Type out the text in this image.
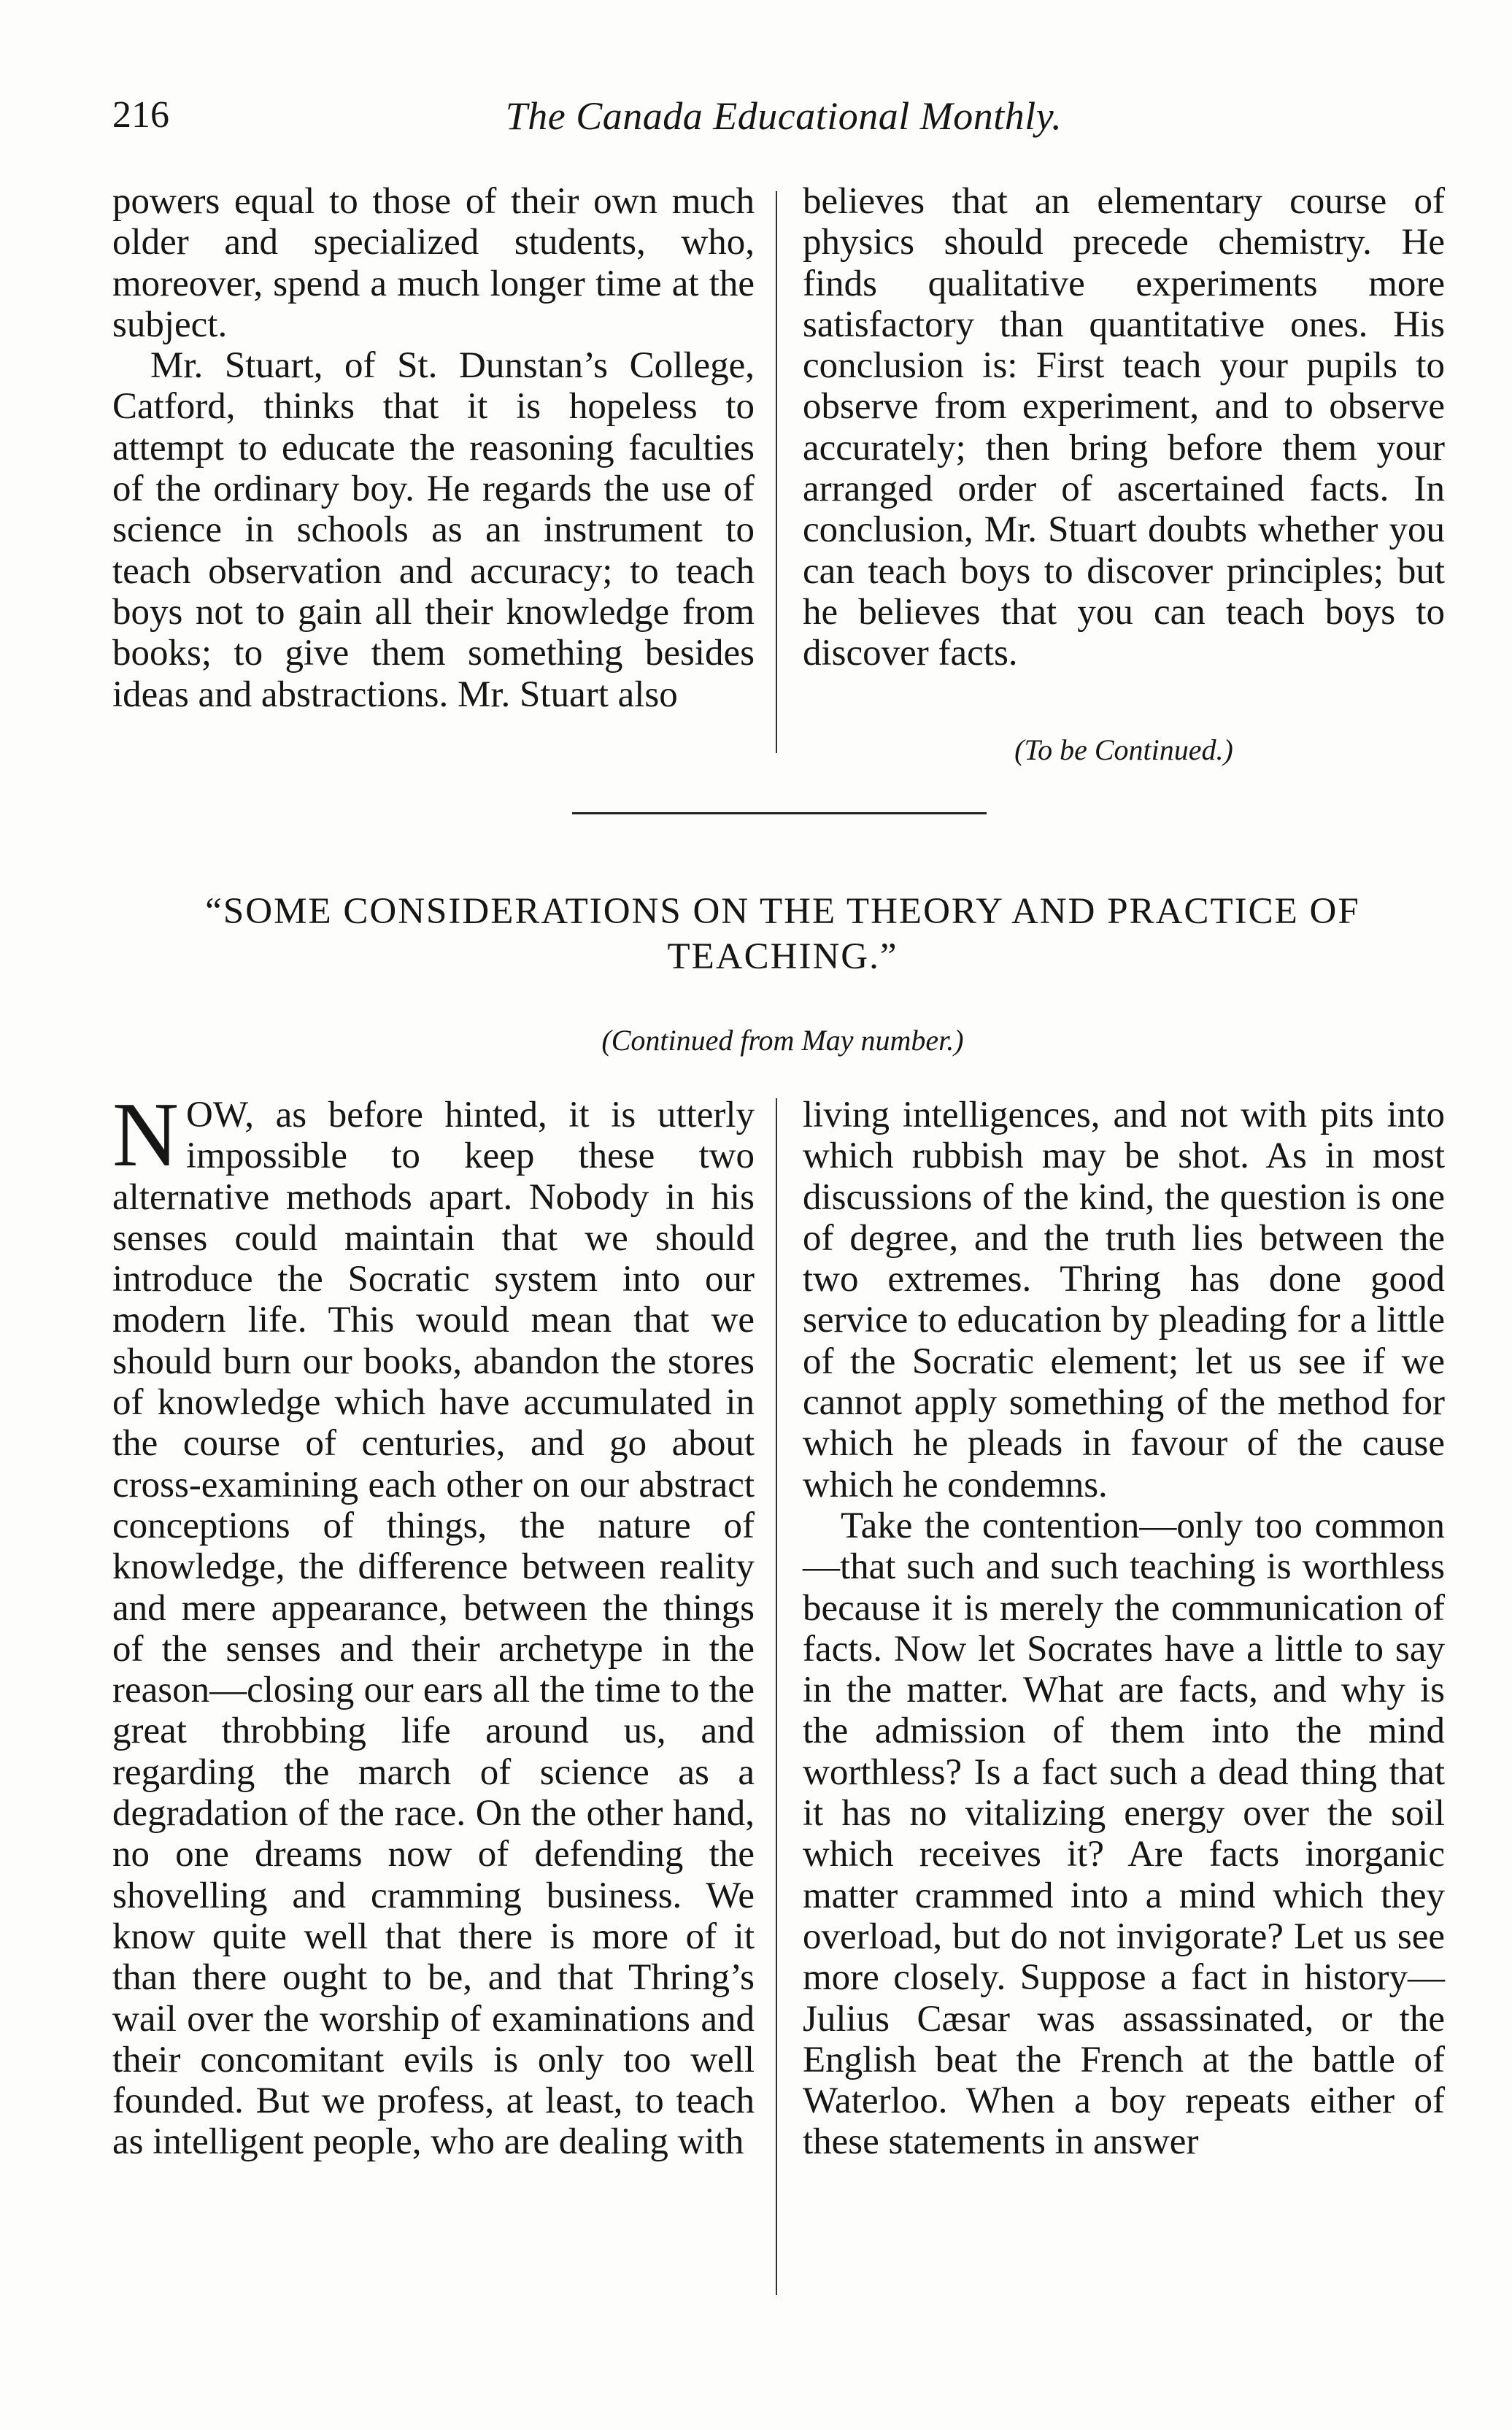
216	The Canada Educational Monthly.

powers equal to those of their own much older and specialized students, who, moreover, spend a much longer time at the subject.

Mr. Stuart, of St. Dunstan’s College, Catford, thinks that it is hopeless to attempt to educate the reasoning faculties of the ordinary boy. He regards the use of science in schools as an instrument to teach observation and accuracy; to teach boys not to gain all their knowledge from books; to give them something besides ideas and abstractions. Mr. Stuart also

believes that an elementary course of physics should precede chemistry. He finds qualitative experiments more satisfactory than quantitative ones. His conclusion is: First teach your pupils to observe from experiment, and to observe accurately; then bring before them your arranged order of ascertained facts. In conclusion, Mr. Stuart doubts whether you can teach boys to discover principles; but he believes that you can teach boys to discover facts.

(To be Continued.)
“SOME CONSIDERATIONS ON THE THEORY AND PRACTICE OF TEACHING.”
(Continued from May number.)

NOW, as before hinted, it is utterly impossible to keep these two alternative methods apart. Nobody in his senses could maintain that we should introduce the Socratic system into our modern life. This would mean that we should burn our books, abandon the stores of knowledge which have accumulated in the course of centuries, and go about cross-examining each other on our abstract conceptions of things, the nature of knowledge, the difference between reality and mere appearance, between the things of the senses and their archetype in the reason—closing our ears all the time to the great throbbing life around us, and regarding the march of science as a degradation of the race. On the other hand, no one dreams now of defending the shovelling and cramming business. We know quite well that there is more of it than there ought to be, and that Thring’s wail over the worship of examinations and their concomitant evils is only too well founded. But we profess, at least, to teach as intelligent people, who are dealing with

living intelligences, and not with pits into which rubbish may be shot. As in most discussions of the kind, the question is one of degree, and the truth lies between the two extremes. Thring has done good service to education by pleading for a little of the Socratic element; let us see if we cannot apply something of the method for which he pleads in favour of the cause which he condemns.

Take the contention—only too common—that such and such teaching is worthless because it is merely the communication of facts. Now let Socrates have a little to say in the matter. What are facts, and why is the admission of them into the mind worthless? Is a fact such a dead thing that it has no vitalizing energy over the soil which receives it? Are facts inorganic matter crammed into a mind which they overload, but do not invigorate? Let us see more closely. Suppose a fact in history—Julius Cæsar was assassinated, or the English beat the French at the battle of Waterloo. When a boy repeats either of these statements in answer
